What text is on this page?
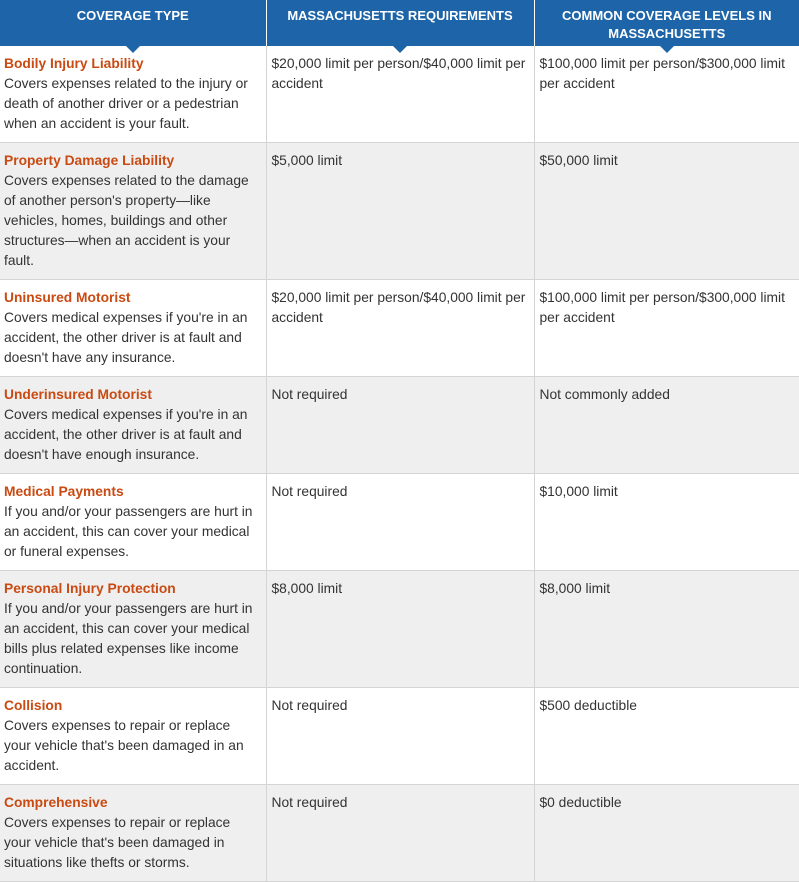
COVERAGE TYPE	MASSACHUSETTS REQUIREMENTS	COMMON COVERAGE LEVELS IN MASSACHUSETTS

Bodily Injury Liability
Covers expenses related to the injury or death of another driver or a pedestrian when an accident is your fault.	$20,000 limit per person/$40,000 limit per accident	$100,000 limit per person/$300,000 limit per accident

Property Damage Liability
Covers expenses related to the damage of another person's property—like vehicles, homes, buildings and other structures—when an accident is your fault.	$5,000 limit	$50,000 limit

Uninsured Motorist
Covers medical expenses if you're in an accident, the other driver is at fault and doesn't have any insurance.	$20,000 limit per person/$40,000 limit per accident	$100,000 limit per person/$300,000 limit per accident

Underinsured Motorist
Covers medical expenses if you're in an accident, the other driver is at fault and doesn't have enough insurance.	Not required	Not commonly added

Medical Payments
If you and/or your passengers are hurt in an accident, this can cover your medical or funeral expenses.	Not required	$10,000 limit

Personal Injury Protection
If you and/or your passengers are hurt in an accident, this can cover your medical bills plus related expenses like income continuation.	$8,000 limit	$8,000 limit

Collision
Covers expenses to repair or replace your vehicle that's been damaged in an accident.	Not required	$500 deductible

Comprehensive
Covers expenses to repair or replace your vehicle that's been damaged in situations like thefts or storms.	Not required	$0 deductible
